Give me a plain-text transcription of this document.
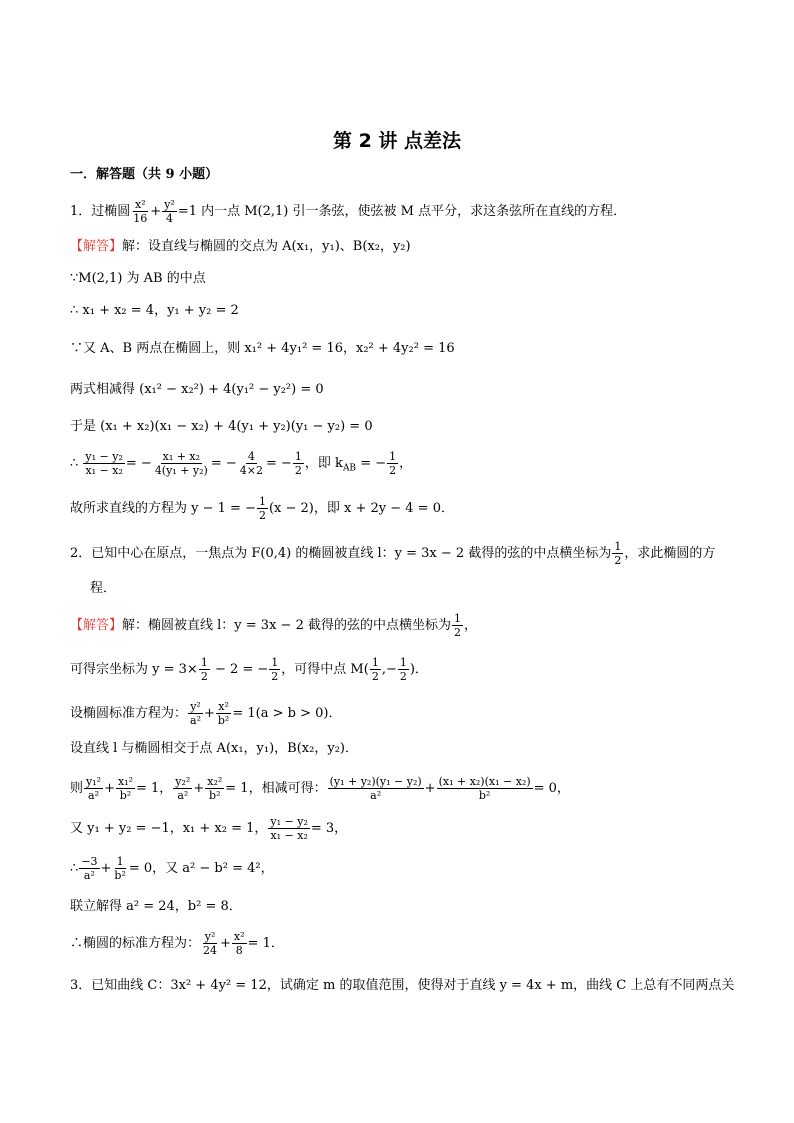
第 2 讲 点差法
一．解答题（共 9 小题）
1．过椭圆 $\frac{\text{x²}}{16} + \frac{\text{y²}}{4} =1$ 内一点 M(2,1) 引一条弦，使弦被 M 点平分，求这条弦所在直线的方程．
【解答】解：设直线与椭圆的交点为 A(x₁，y₁)、B(x₂，y₂)
∵M(2,1) 为 AB 的中点
∴ x₁ + x₂ = 4，y₁ + y₂ = 2
∵又 A、B 两点在椭圆上，则 x₁² + 4y₁² = 16，x₂² + 4y₂² = 16
两式相减得 (x₁² − x₂²) + 4(y₁² − y₂²) = 0
于是 (x₁ + x₂)(x₁ − x₂) + 4(y₁ + y₂)(y₁ − y₂) = 0
∴ $\frac{\text{y₁ − y₂}}{\text{x₁ − x₂}}$ = − $\frac{\text{x₁ + x₂}}{\text{4(y₁ + y₂)}}$ = − $\frac{4}{4\times 2}$ = − $\frac{1}{2}$ ，即 $k_{AB}$ = − $\frac{1}{2}$ ，
故所求直线的方程为 y − 1 = − $\frac{1}{2} (x - 2)$，即 x + 2y − 4 = 0．
2．已知中心在原点，一焦点为 F(0,4) 的椭圆被直线 l：y = 3x − 2 截得的弦的中点横坐标为 $\frac{1}{2}$ ，求此椭圆的方
程．
【解答】解：椭圆被直线 l：y = 3x − 2 截得的弦的中点横坐标为 $\frac{1}{2}$ ，
可得宗坐标为 $y = 3\times \frac{1}{2} - 2$ = − $\frac{1}{2}$ ，可得中点 $M( \frac{1}{2}$ ,− $\frac{1}{2}$ )．
设椭圆标准方程为： $\frac{\text{y²}}{\text{a²}} + \frac{\text{x²}}{\text{b²}} = 1(a > b > 0)$．
设直线 l 与椭圆相交于点 A(x₁，y₁)，B(x₂，y₂)．
则 $\frac{\text{y₁²}}{\text{a²}} + \frac{\text{x₁²}}{\text{b²}} = 1$， $\frac{\text{y₂²}}{\text{a²}} + \frac{\text{x₂²}}{\text{b²}} = 1$，相减可得： $\frac{\text{(y₁ + y₂)(y₁ − y₂)}}{\text{a²}} + \frac{\text{(x₁ + x₂)(x₁ − x₂)}}{\text{b²}} = 0$，
又 y₁ + y₂ = −1，x₁ + x₂ = 1， $\frac{\text{y₁ − y₂}}{\text{x₁ − x₂}} = 3$，
∴ $\frac{-3}{\text{a²}} + \frac{1}{\text{b²}} = 0$，又 a² − b² = 4²，
联立解得 a² = 24，b² = 8．
∴椭圆的标准方程为： $\frac{\text{y²}}{24} + \frac{\text{x²}}{8} = 1$．
3．已知曲线 C：3x² + 4y² = 12，试确定 m 的取值范围，使得对于直线 y = 4x + m，曲线 C 上总有不同两点关
